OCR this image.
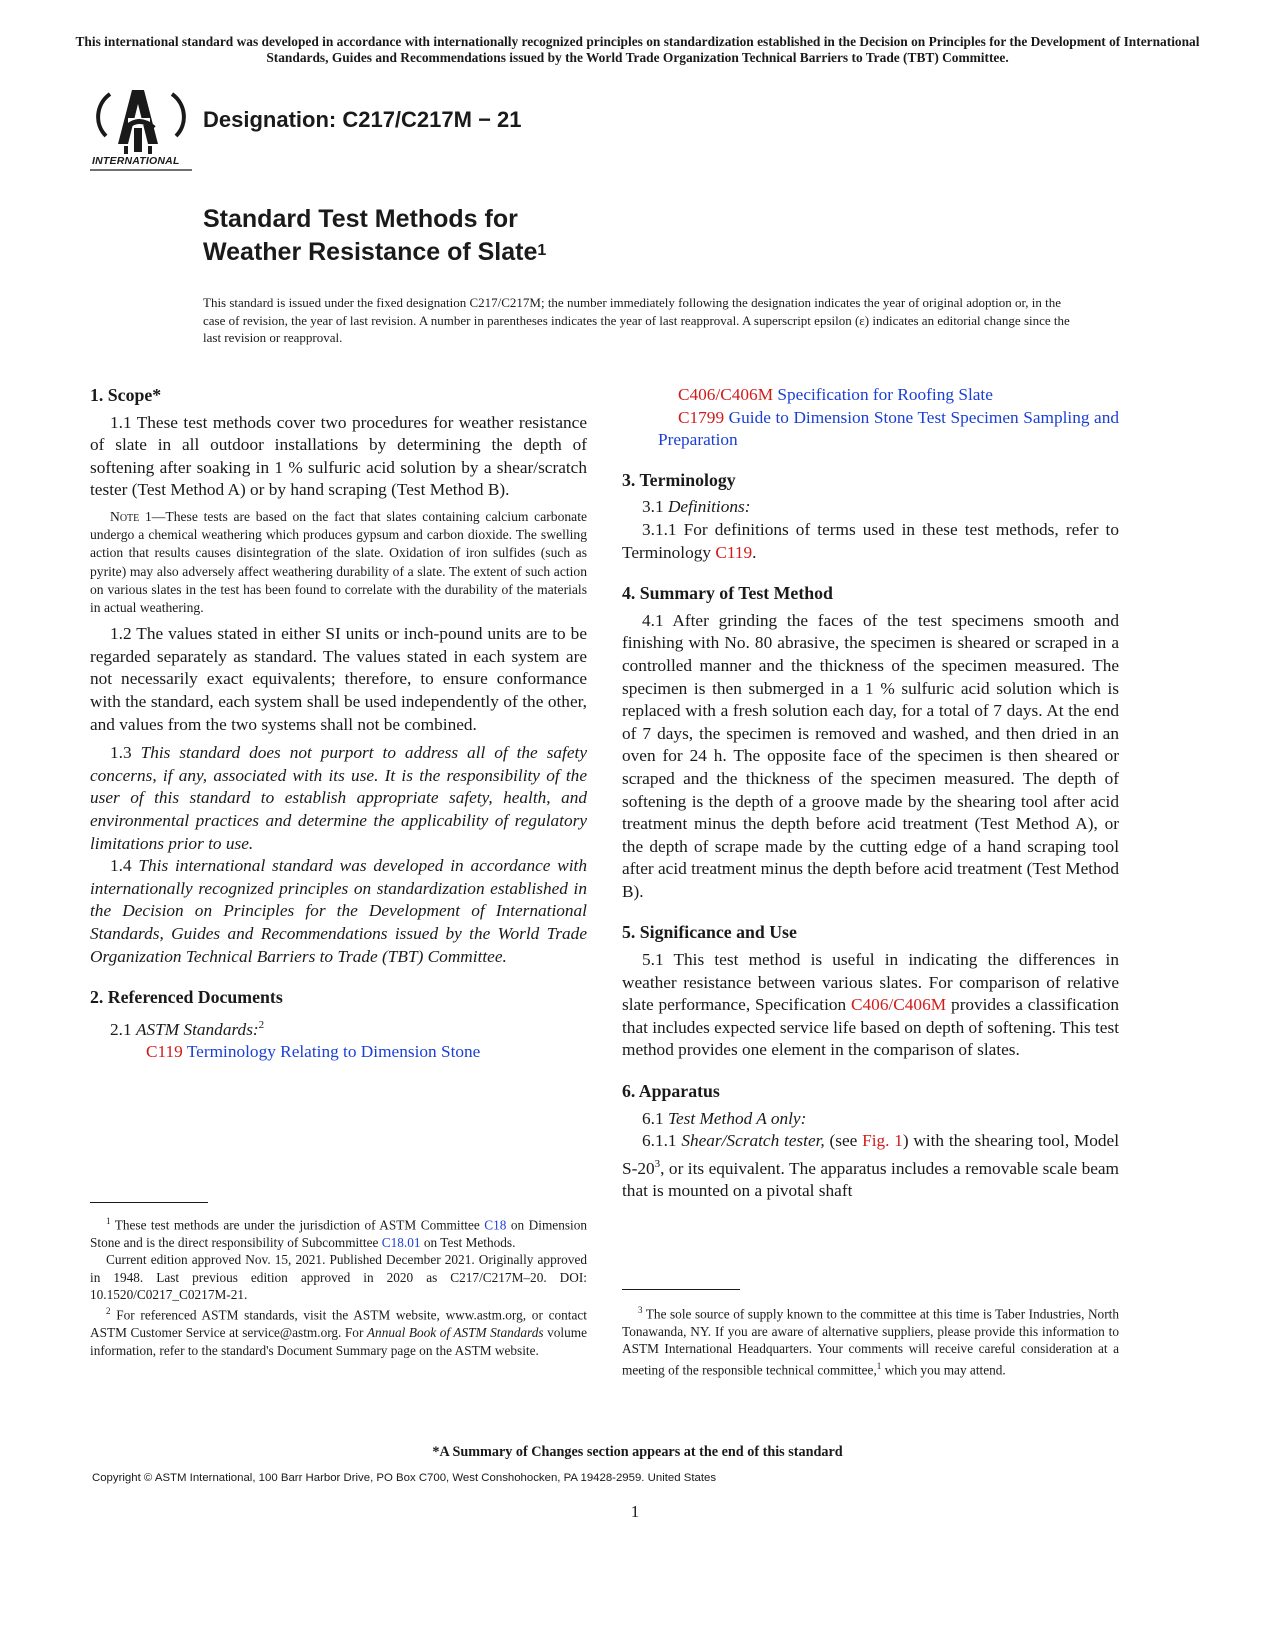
This international standard was developed in accordance with internationally recognized principles on standardization established in the Decision on Principles for the Development of International Standards, Guides and Recommendations issued by the World Trade Organization Technical Barriers to Trade (TBT) Committee.
INTERNATIONAL
Designation: C217/C217M − 21
Standard Test Methods for
Weather Resistance of Slate$^1$
This standard is issued under the fixed designation C217/C217M; the number immediately following the designation indicates the year of original adoption or, in the case of revision, the year of last revision. A number in parentheses indicates the year of last reapproval. A superscript epsilon (ε) indicates an editorial change since the last revision or reapproval.
1. Scope*

1.1 These test methods cover two procedures for weather resistance of slate in all outdoor installations by determining the depth of softening after soaking in 1 % sulfuric acid solution by a shear/scratch tester (Test Method A) or by hand scraping (Test Method B).

Note 1—These tests are based on the fact that slates containing calcium carbonate undergo a chemical weathering which produces gypsum and carbon dioxide. The swelling action that results causes disintegration of the slate. Oxidation of iron sulfides (such as pyrite) may also adversely affect weathering durability of a slate. The extent of such action on various slates in the test has been found to correlate with the durability of the materials in actual weathering.

1.2 The values stated in either SI units or inch-pound units are to be regarded separately as standard. The values stated in each system are not necessarily exact equivalents; therefore, to ensure conformance with the standard, each system shall be used independently of the other, and values from the two systems shall not be combined.

1.3 This standard does not purport to address all of the safety concerns, if any, associated with its use. It is the responsibility of the user of this standard to establish appropriate safety, health, and environmental practices and determine the applicability of regulatory limitations prior to use.

1.4 This international standard was developed in accordance with internationally recognized principles on standardization established in the Decision on Principles for the Development of International Standards, Guides and Recommendations issued by the World Trade Organization Technical Barriers to Trade (TBT) Committee.

2. Referenced Documents

2.1 ASTM Standards:$^2$

C119 Terminology Relating to Dimension Stone

$^1$ These test methods are under the jurisdiction of ASTM Committee C18 on Dimension Stone and is the direct responsibility of Subcommittee C18.01 on Test Methods.

Current edition approved Nov. 15, 2021. Published December 2021. Originally approved in 1948. Last previous edition approved in 2020 as C217/C217M–20. DOI: 10.1520/C0217_C0217M-21.

$^2$ For referenced ASTM standards, visit the ASTM website, www.astm.org, or contact ASTM Customer Service at service@astm.org. For Annual Book of ASTM Standards volume information, refer to the standard's Document Summary page on the ASTM website.

C406/C406M Specification for Roofing Slate

C1799 Guide to Dimension Stone Test Specimen Sampling and Preparation

3. Terminology

3.1 Definitions:

3.1.1 For definitions of terms used in these test methods, refer to Terminology C119.

4. Summary of Test Method

4.1 After grinding the faces of the test specimens smooth and finishing with No. 80 abrasive, the specimen is sheared or scraped in a controlled manner and the thickness of the specimen measured. The specimen is then submerged in a 1 % sulfuric acid solution which is replaced with a fresh solution each day, for a total of 7 days. At the end of 7 days, the specimen is removed and washed, and then dried in an oven for 24 h. The opposite face of the specimen is then sheared or scraped and the thickness of the specimen measured. The depth of softening is the depth of a groove made by the shearing tool after acid treatment minus the depth before acid treatment (Test Method A), or the depth of scrape made by the cutting edge of a hand scraping tool after acid treatment minus the depth before acid treatment (Test Method B).

5. Significance and Use

5.1 This test method is useful in indicating the differences in weather resistance between various slates. For comparison of relative slate performance, Specification C406/C406M provides a classification that includes expected service life based on depth of softening. This test method provides one element in the comparison of slates.

6. Apparatus

6.1 Test Method A only:

6.1.1 Shear/Scratch tester, (see Fig. 1) with the shearing tool, Model $S-20^3$, or its equivalent. The apparatus includes a removable scale beam that is mounted on a pivotal shaft

$^3$ The sole source of supply known to the committee at this time is Taber Industries, North Tonawanda, NY. If you are aware of alternative suppliers, please provide this information to ASTM International Headquarters. Your comments will receive careful consideration at a meeting of the responsible technical committee,$^1$ which you may attend.

*A Summary of Changes section appears at the end of this standard
Copyright © ASTM International, 100 Barr Harbor Drive, PO Box C700, West Conshohocken, PA 19428-2959. United States
1
